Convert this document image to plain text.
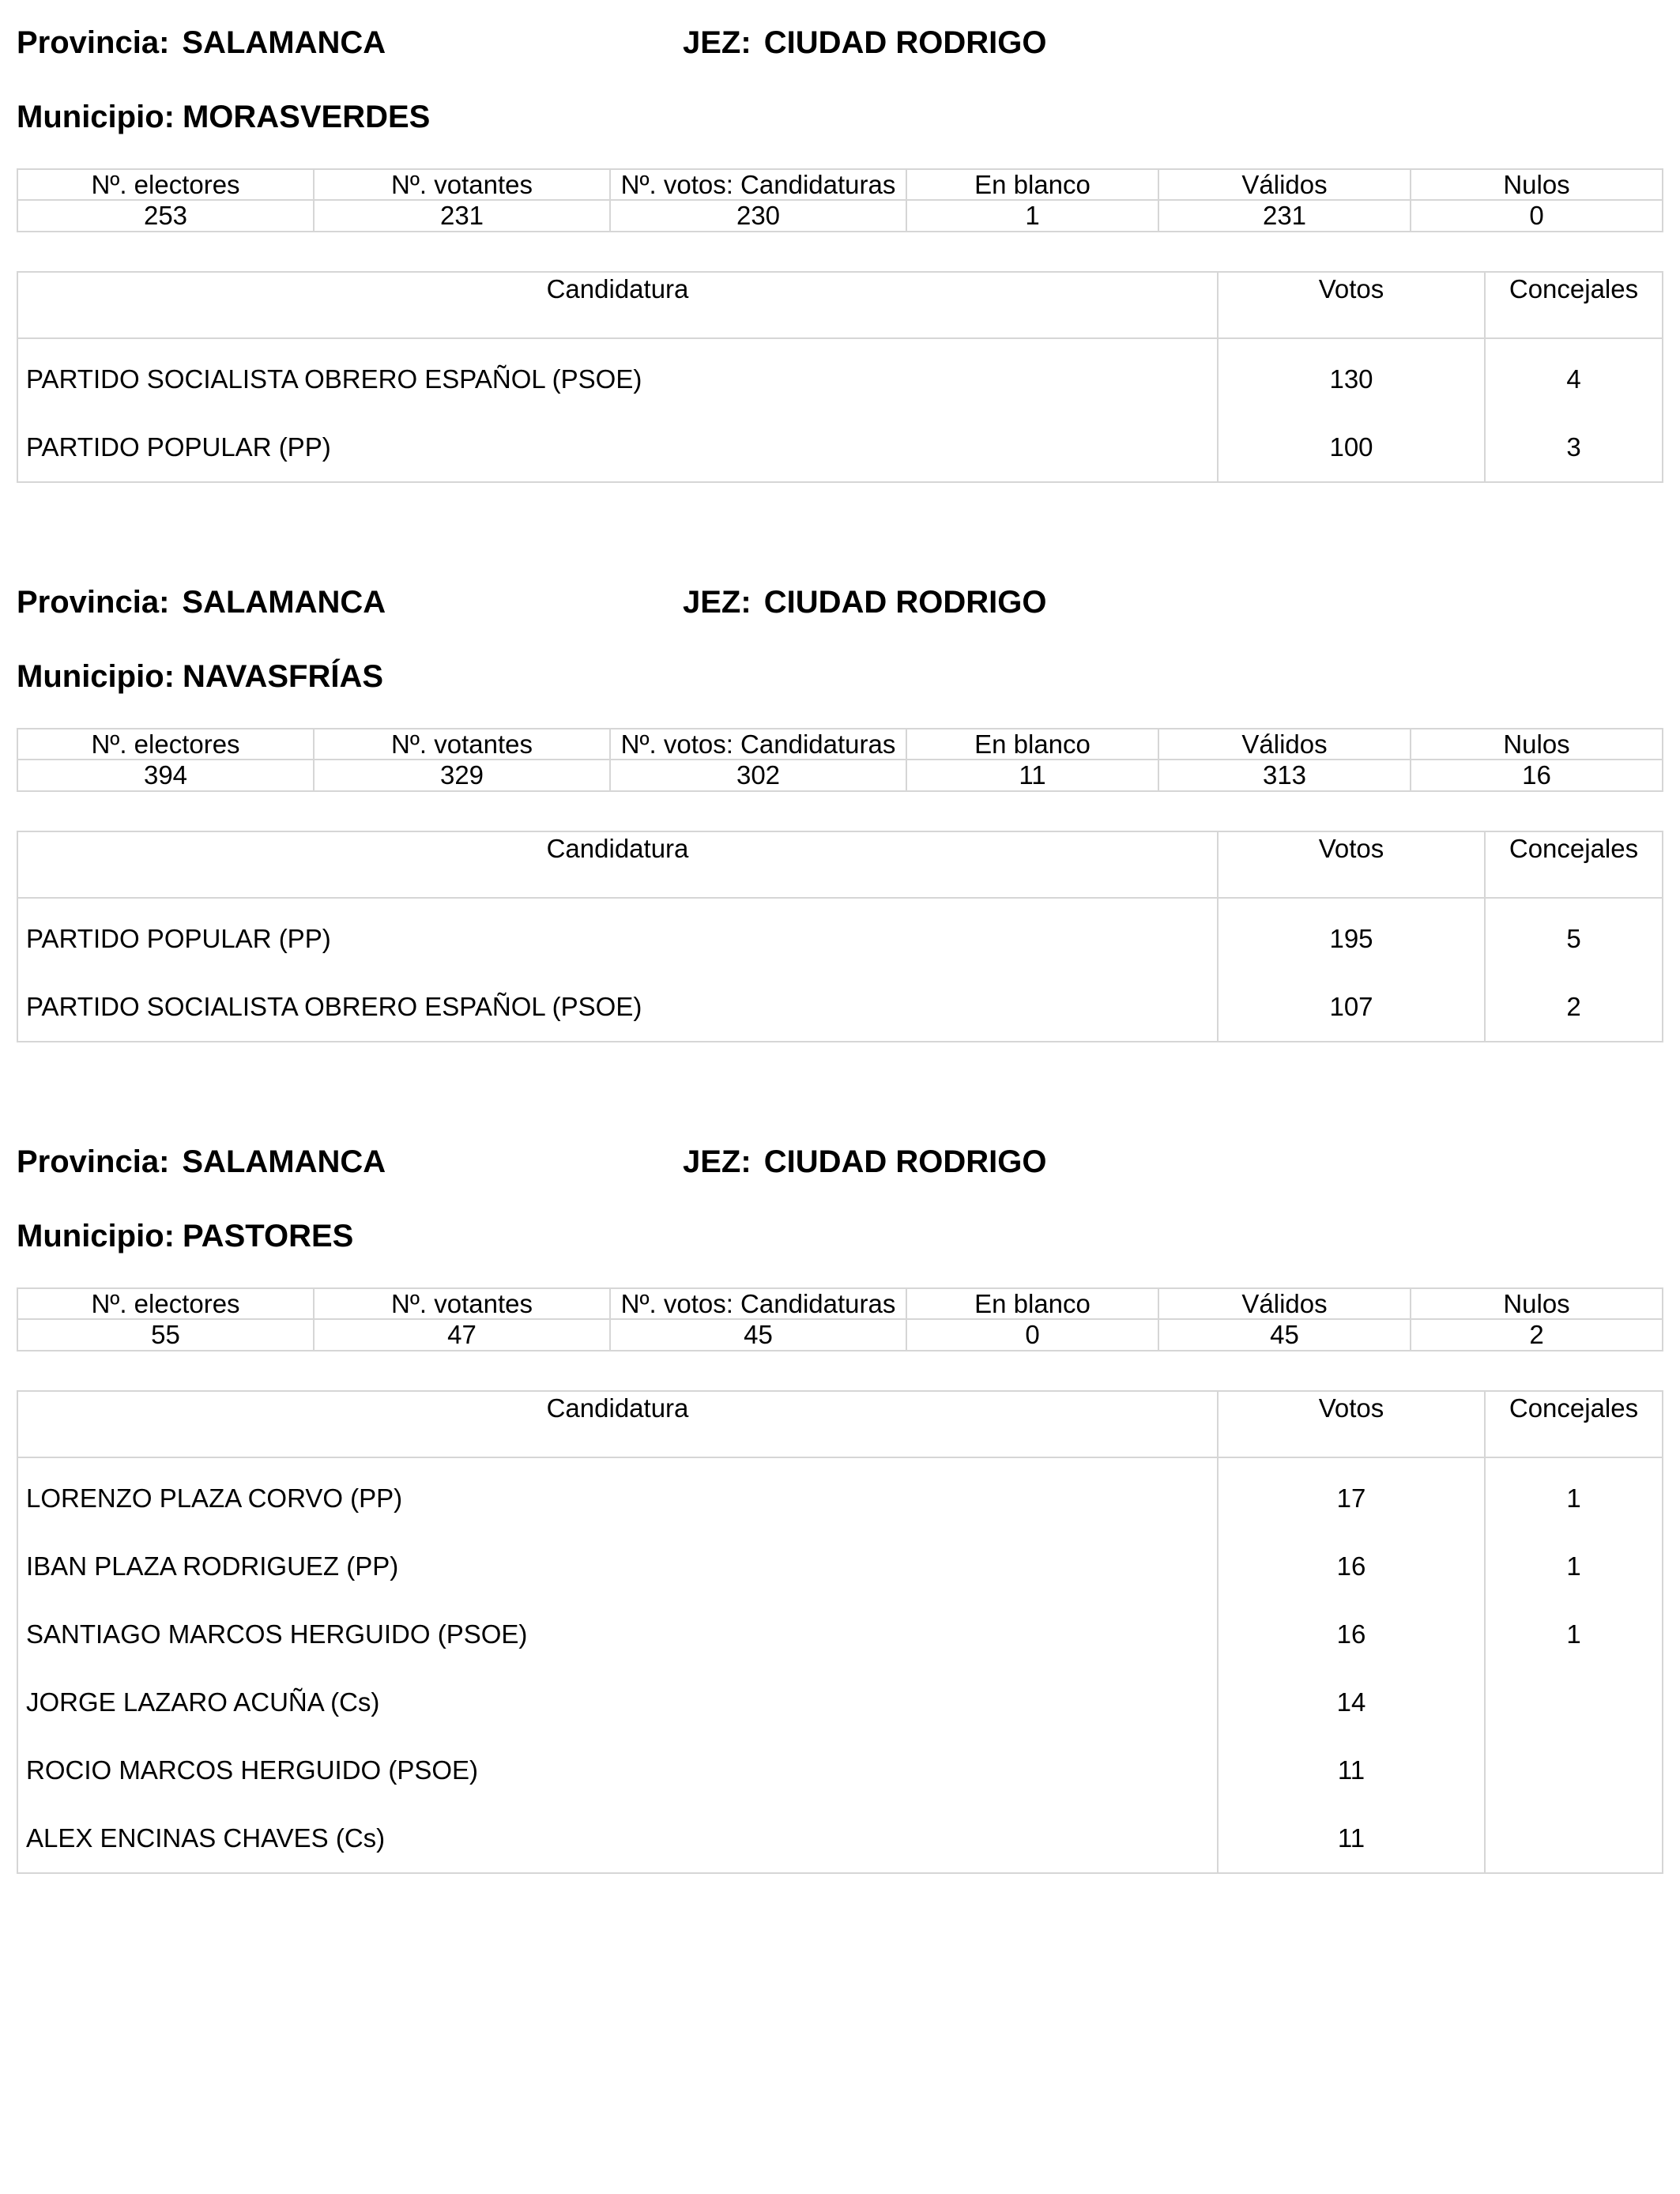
Provincia: SALAMANCA	JEZ: CIUDAD RODRIGO
Municipio: MORASVERDES
Nº. electores	Nº. votantes	Nº. votos: Candidaturas	En blanco	Válidos	Nulos
253	231	230	1	231	0
Candidatura	Votos	Concejales
PARTIDO SOCIALISTA OBRERO ESPAÑOL (PSOE)	130	4
PARTIDO POPULAR (PP)	100	3
Provincia: SALAMANCA	JEZ: CIUDAD RODRIGO
Municipio: NAVASFRÍAS
Nº. electores	Nº. votantes	Nº. votos: Candidaturas	En blanco	Válidos	Nulos
394	329	302	11	313	16
Candidatura	Votos	Concejales
PARTIDO POPULAR (PP)	195	5
PARTIDO SOCIALISTA OBRERO ESPAÑOL (PSOE)	107	2
Provincia: SALAMANCA	JEZ: CIUDAD RODRIGO
Municipio: PASTORES
Nº. electores	Nº. votantes	Nº. votos: Candidaturas	En blanco	Válidos	Nulos
55	47	45	0	45	2
Candidatura	Votos	Concejales
LORENZO PLAZA CORVO (PP)	17	1
IBAN PLAZA RODRIGUEZ (PP)	16	1
SANTIAGO MARCOS HERGUIDO (PSOE)	16	1
JORGE LAZARO ACUÑA (Cs)	14	
ROCIO MARCOS HERGUIDO (PSOE)	11	
ALEX ENCINAS CHAVES (Cs)	11	
